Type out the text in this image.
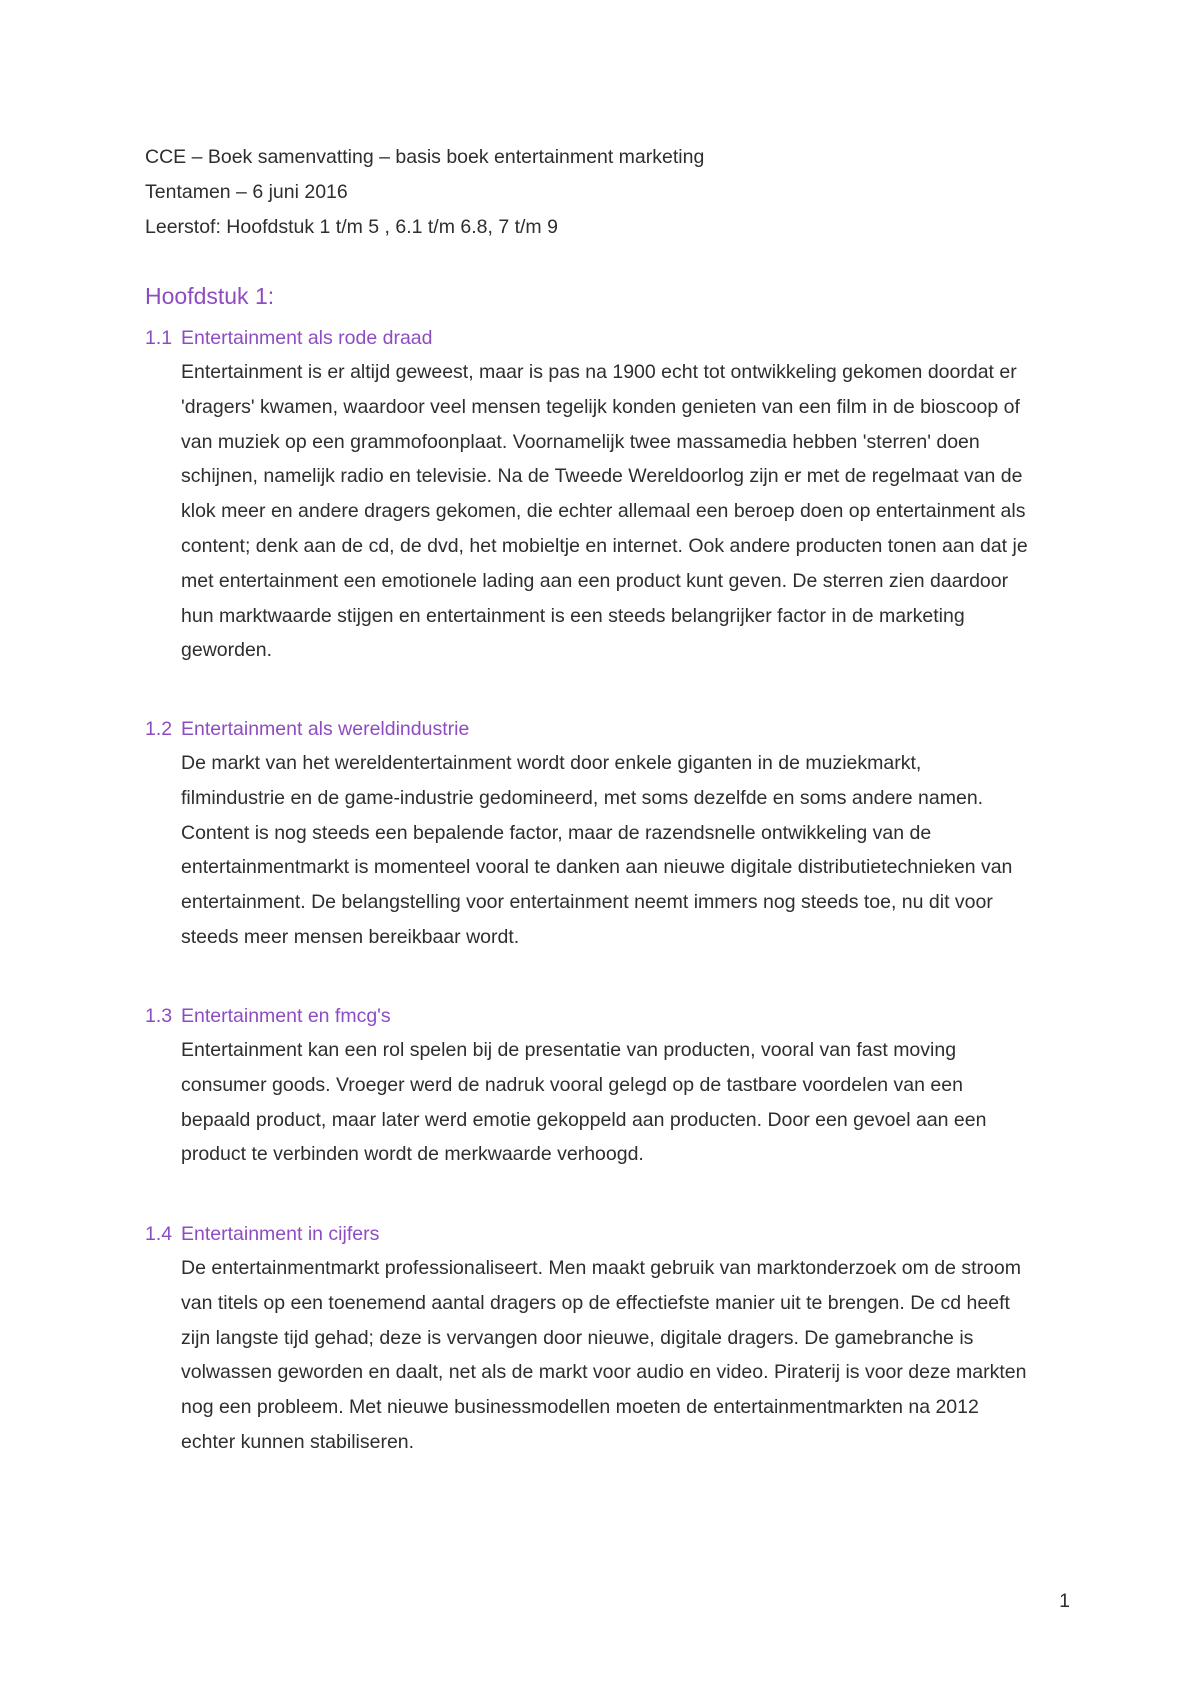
CCE – Boek samenvatting – basis boek entertainment marketing
Tentamen – 6 juni 2016
Leerstof: Hoofdstuk 1 t/m 5 , 6.1 t/m 6.8, 7 t/m 9
Hoofdstuk 1:
1.1 Entertainment als rode draad
Entertainment is er altijd geweest, maar is pas na 1900 echt tot ontwikkeling gekomen doordat er
'dragers' kwamen, waardoor veel mensen tegelijk konden genieten van een film in de bioscoop of
van muziek op een grammofoonplaat. Voornamelijk twee massamedia hebben 'sterren' doen
schijnen, namelijk radio en televisie. Na de Tweede Wereldoorlog zijn er met de regelmaat van de
klok meer en andere dragers gekomen, die echter allemaal een beroep doen op entertainment als
content; denk aan de cd, de dvd, het mobieltje en internet. Ook andere producten tonen aan dat je
met entertainment een emotionele lading aan een product kunt geven. De sterren zien daardoor
hun marktwaarde stijgen en entertainment is een steeds belangrijker factor in de marketing
geworden.
1.2 Entertainment als wereldindustrie
De markt van het wereldentertainment wordt door enkele giganten in de muziekmarkt,
filmindustrie en de game-industrie gedomineerd, met soms dezelfde en soms andere namen.
Content is nog steeds een bepalende factor, maar de razendsnelle ontwikkeling van de
entertainmentmarkt is momenteel vooral te danken aan nieuwe digitale distributietechnieken van
entertainment. De belangstelling voor entertainment neemt immers nog steeds toe, nu dit voor
steeds meer mensen bereikbaar wordt.
1.3 Entertainment en fmcg's
Entertainment kan een rol spelen bij de presentatie van producten, vooral van fast moving
consumer goods. Vroeger werd de nadruk vooral gelegd op de tastbare voordelen van een
bepaald product, maar later werd emotie gekoppeld aan producten. Door een gevoel aan een
product te verbinden wordt de merkwaarde verhoogd.
1.4 Entertainment in cijfers
De entertainmentmarkt professionaliseert. Men maakt gebruik van marktonderzoek om de stroom
van titels op een toenemend aantal dragers op de effectiefste manier uit te brengen. De cd heeft
zijn langste tijd gehad; deze is vervangen door nieuwe, digitale dragers. De gamebranche is
volwassen geworden en daalt, net als de markt voor audio en video. Piraterij is voor deze markten
nog een probleem. Met nieuwe businessmodellen moeten de entertainmentmarkten na 2012
echter kunnen stabiliseren.
1
